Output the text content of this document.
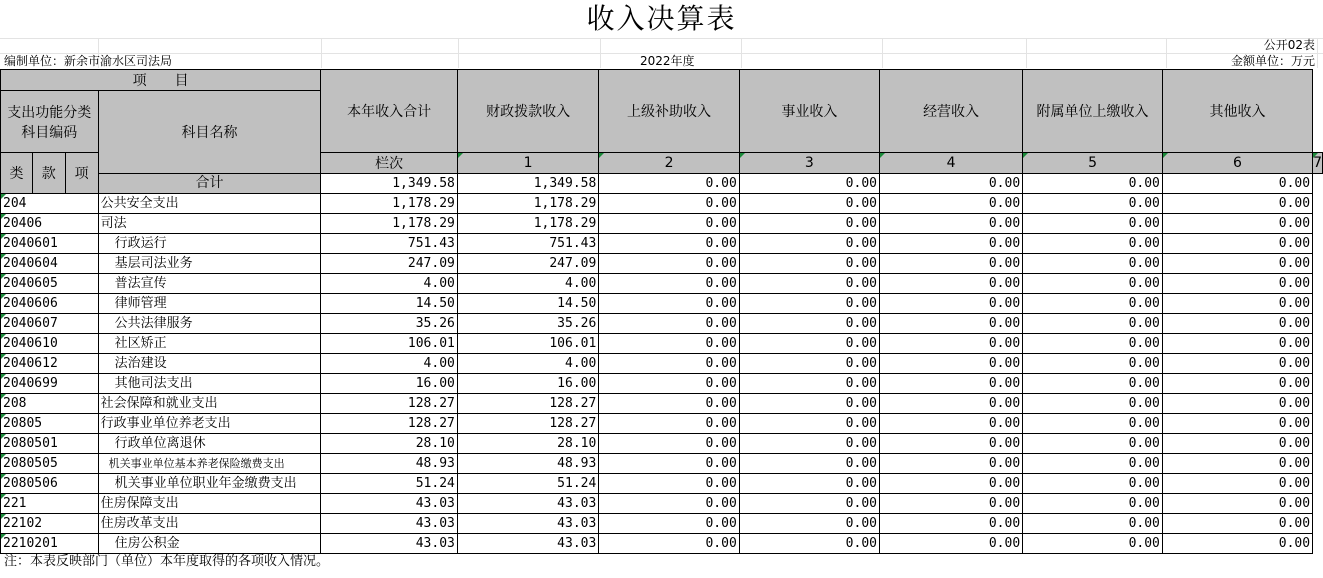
收入决算表
公开02表
编制单位：新余市渝水区司法局	2022年度	金额单位：万元
项　　目				本年收入合计	财政拨款收入	上级补助收入	事业收入	经营收入	附属单位上缴收入	其他收入	
支出功能分类科目编码			科目名称								
类	款	项		栏次	1	2	3	4	5	6	7
			合计	1,349.58	1,349.58	0.00	0.00	0.00	0.00	0.00	

204			公共安全支出	1,178.29	1,178.29	0.00	0.00	0.00	0.00	0.00	

20406			司法	1,178.29	1,178.29	0.00	0.00	0.00	0.00	0.00	

2040601			行政运行	751.43	751.43	0.00	0.00	0.00	0.00	0.00	

2040604			基层司法业务	247.09	247.09	0.00	0.00	0.00	0.00	0.00	

2040605			普法宣传	4.00	4.00	0.00	0.00	0.00	0.00	0.00	

2040606			律师管理	14.50	14.50	0.00	0.00	0.00	0.00	0.00	

2040607			公共法律服务	35.26	35.26	0.00	0.00	0.00	0.00	0.00	

2040610			社区矫正	106.01	106.01	0.00	0.00	0.00	0.00	0.00	

2040612			法治建设	4.00	4.00	0.00	0.00	0.00	0.00	0.00	

2040699			其他司法支出	16.00	16.00	0.00	0.00	0.00	0.00	0.00	

208			社会保障和就业支出	128.27	128.27	0.00	0.00	0.00	0.00	0.00	

20805			行政事业单位养老支出	128.27	128.27	0.00	0.00	0.00	0.00	0.00	

2080501			行政单位离退休	28.10	28.10	0.00	0.00	0.00	0.00	0.00	

2080505			机关事业单位基本养老保险缴费支出	48.93	48.93	0.00	0.00	0.00	0.00	0.00	

2080506			机关事业单位职业年金缴费支出	51.24	51.24	0.00	0.00	0.00	0.00	0.00	

221			住房保障支出	43.03	43.03	0.00	0.00	0.00	0.00	0.00	

22102			住房改革支出	43.03	43.03	0.00	0.00	0.00	0.00	0.00	

2210201			住房公积金	43.03	43.03	0.00	0.00	0.00	0.00	0.00	
注：本表反映部门（单位）本年度取得的各项收入情况。
